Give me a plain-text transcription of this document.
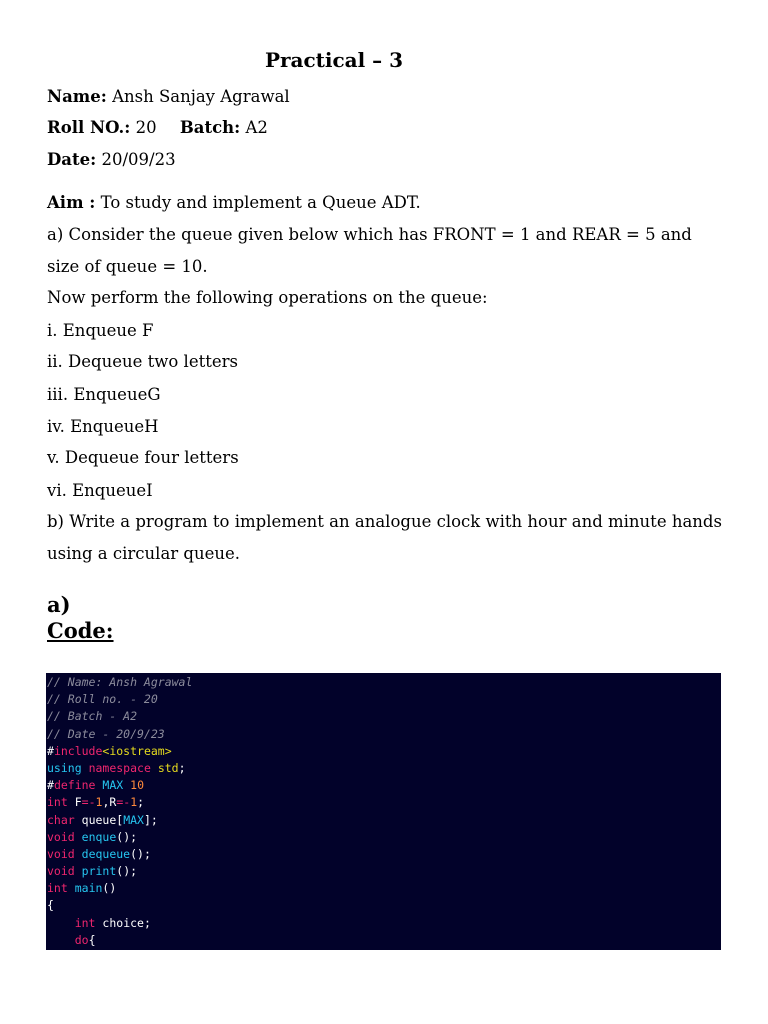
Practical – 3
Name: Ansh Sanjay Agrawal
Roll NO.: 20 Batch: A2
Date: 20/09/23
Aim : To study and implement a Queue ADT.
a) Consider the queue given below which has FRONT = 1 and REAR = 5 and
size of queue = 10.
Now perform the following operations on the queue:
i. Enqueue F
ii. Dequeue two letters
iii. EnqueueG
iv. EnqueueH
v. Dequeue four letters
vi. EnqueueI
b) Write a program to implement an analogue clock with hour and minute hands
using a circular queue.
a)
Code:
// Name: Ansh Agrawal
// Roll no. - 20
// Batch - A2
// Date - 20/9/23
#include<iostream>
using namespace std;
#define MAX 10
int F=-1,R=-1;
char queue[MAX];
void enque();
void dequeue();
void print();
int main()
{
int choice;
do{
